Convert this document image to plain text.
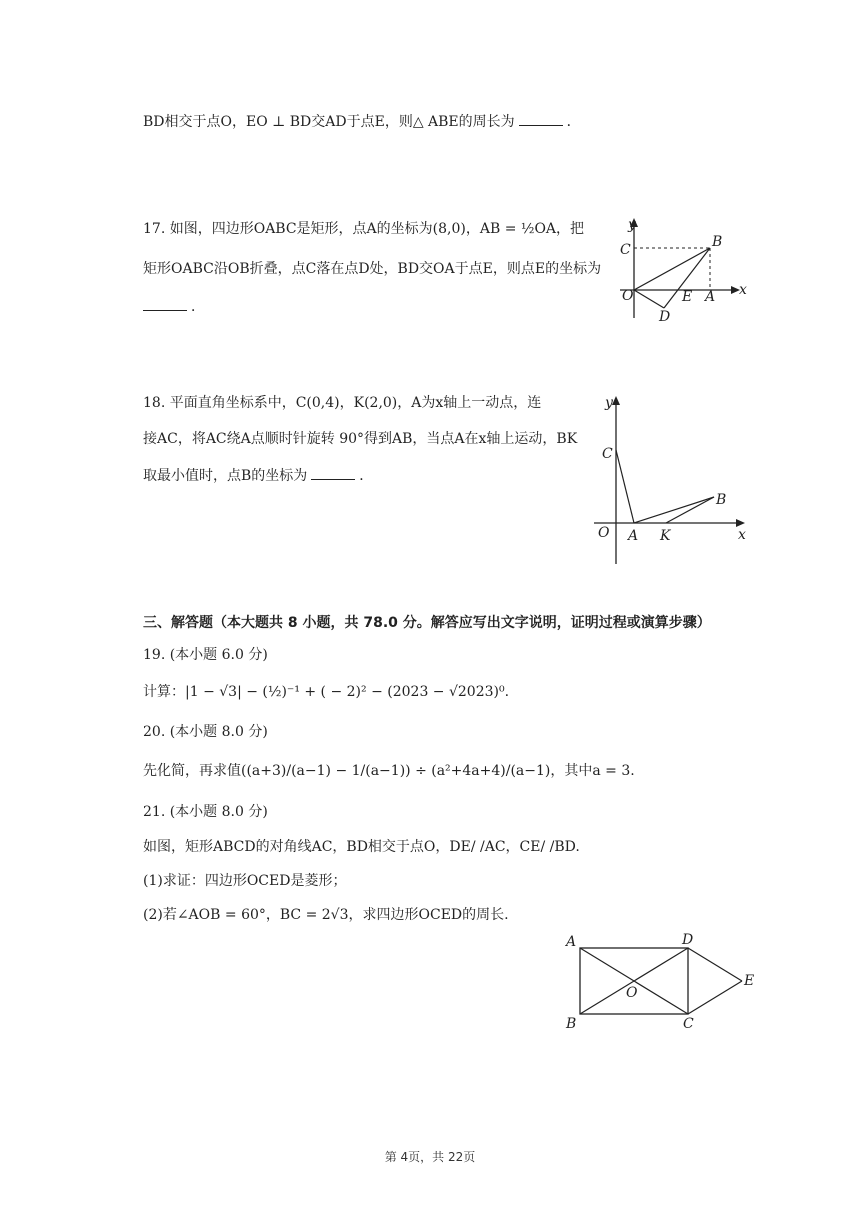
BD相交于点O，EO ⊥ BD交AD于点E，则△ ABE的周长为	．
17. 如图，四边形OABC是矩形，点A的坐标为(8,0)，AB = ½OA，把
矩形OABC沿OB折叠，点C落在点D处，BD交OA于点E，则点E的坐标为
．
y
x
C	B
O	E A
D
18. 平面直角坐标系中，C(0,4)，K(2,0)，A为x轴上一动点，连
接AC，将AC绕A点顺时针旋转 90°得到AB，当点A在x轴上运动，BK
取最小值时，点B的坐标为	．
y
x
C
B
O A K
三、解答题（本大题共 8 小题，共 78.0 分。解答应写出文字说明，证明过程或演算步骤）
19. (本小题 6.0 分)
计算：|1 − √3| − (½)⁻¹ + ( − 2)² − (2023 − √2023)⁰.
20. (本小题 8.0 分)
先化简，再求值((a+3)/(a−1) − 1/(a−1)) ÷ (a²+4a+4)/(a−1)，其中a = 3.
21. (本小题 8.0 分)
如图，矩形ABCD的对角线AC，BD相交于点O，DE/ /AC，CE/ /BD.
(1)求证：四边形OCED是菱形；
(2)若∠AOB = 60°，BC = 2√3，求四边形OCED的周长.
A	D
E
O
B	C
第 4页，共 22页
